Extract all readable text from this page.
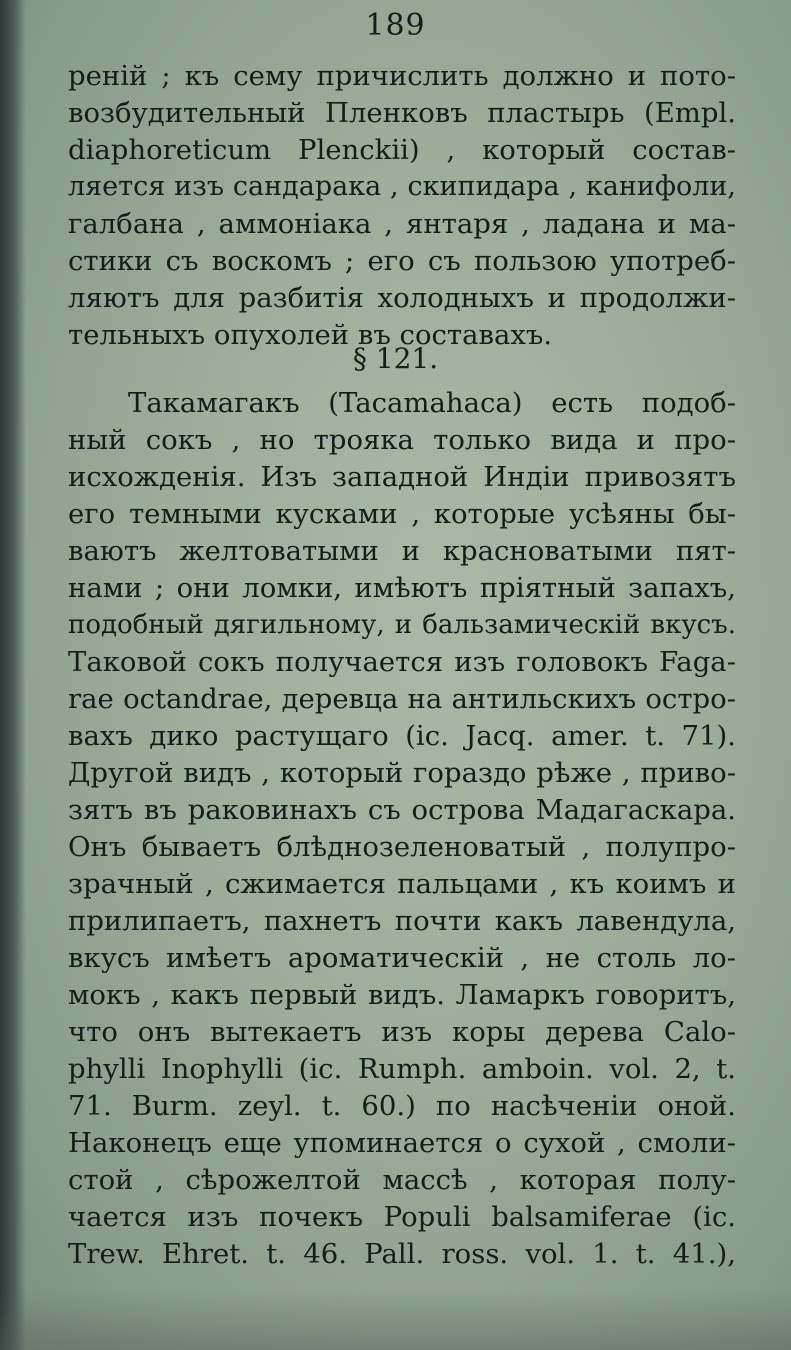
189
ренiй ; къ сему причислить должно и пото-
возбудительный Пленковъ пластырь (Empl.
diaphoreticum Plenckii) , который состав-
ляется изъ сандарака , скипидара , канифоли,
галбана , аммонiака , янтаря , ладана и ма-
стики съ воскомъ ; его съ пользою употреб-
ляютъ для разбитiя холодныхъ и продолжи-
тельныхъ опухолей въ составахъ.
§ 121.
Такамагакъ (Tacamahaca) есть подоб-
ный сокъ , но трояка только вида и про-
исхожденiя. Изъ западной Индiи привозятъ
его темными кусками , которые усѣяны бы-
ваютъ желтоватыми и красноватыми пят-
нами ; они ломки, имѣютъ прiятный запахъ,
подобный дягильному, и бальзамическiй вкусъ.
Таковой сокъ получается изъ головокъ Faga-
rae octandrae, деревца на антильскихъ остро-
вахъ дико растущаго (ic. Jacq. amer. t. 71).
Другой видъ , который гораздо рѣже , приво-
зятъ въ раковинахъ съ острова Мадагаскара.
Онъ бываетъ блѣднозеленоватый , полупро-
зрачный , сжимается пальцами , къ коимъ и
прилипаетъ, пахнетъ почти какъ лавендула,
вкусъ имѣетъ ароматическiй , не столь ло-
мокъ , какъ первый видъ. Ламаркъ говоритъ,
что онъ вытекаетъ изъ коры дерева Calo-
phylli Inophylli (ic. Rumph. amboin. vol. 2, t.
71. Burm. zeyl. t. 60.) по насѣченiи оной.
Наконецъ еще упоминается о сухой , смоли-
стой , сѣрожелтой массѣ , которая полу-
чается изъ почекъ Populi balsamiferae (ic.
Trew. Ehret. t. 46. Pall. ross. vol. 1. t. 41.),
